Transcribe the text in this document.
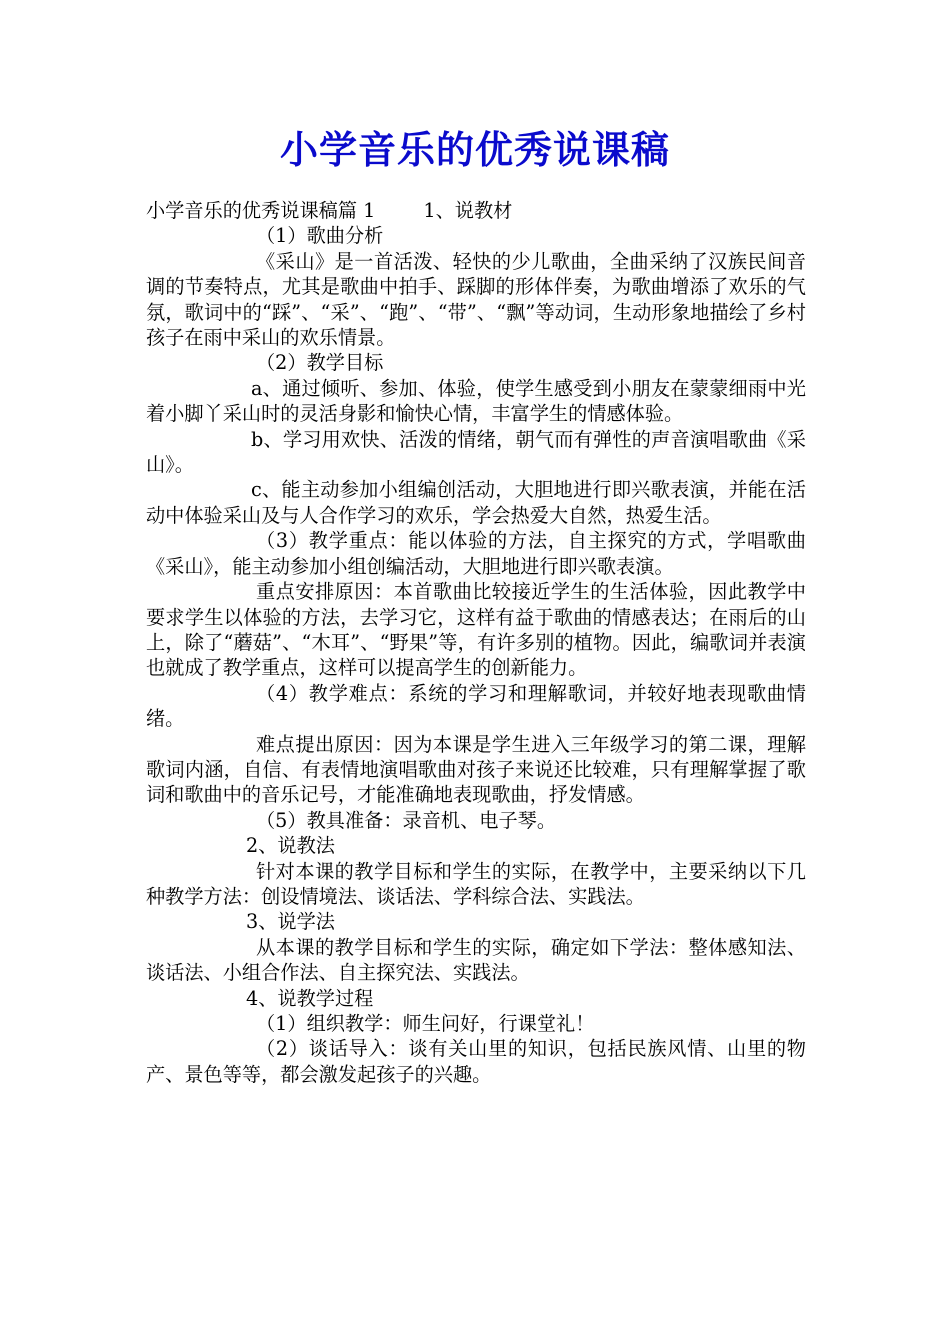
小学音乐的优秀说课稿

小学音乐的优秀说课稿篇 1	1、说教材

（1）歌曲分析

《采山》是一首活泼、轻快的少儿歌曲，全曲采纳了汉族民间音调的节奏特点，尤其是歌曲中拍手、踩脚的形体伴奏，为歌曲增添了欢乐的气氛，歌词中的“踩”、“采”、“跑”、“带”、“飘”等动词，生动形象地描绘了乡村孩子在雨中采山的欢乐情景。

（2）教学目标

a、通过倾听、参加、体验，使学生感受到小朋友在蒙蒙细雨中光着小脚丫采山时的灵活身影和愉快心情，丰富学生的情感体验。

b、学习用欢快、活泼的情绪，朝气而有弹性的声音演唱歌曲《采山》。

c、能主动参加小组编创活动，大胆地进行即兴歌表演，并能在活动中体验采山及与人合作学习的欢乐，学会热爱大自然，热爱生活。

（3）教学重点：能以体验的方法，自主探究的方式，学唱歌曲《采山》，能主动参加小组创编活动，大胆地进行即兴歌表演。

重点安排原因：本首歌曲比较接近学生的生活体验，因此教学中要求学生以体验的方法，去学习它，这样有益于歌曲的情感表达；在雨后的山上，除了“蘑菇”、“木耳”、“野果”等，有许多别的植物。因此，编歌词并表演也就成了教学重点，这样可以提高学生的创新能力。

（4）教学难点：系统的学习和理解歌词，并较好地表现歌曲情绪。

难点提出原因：因为本课是学生进入三年级学习的第二课，理解歌词内涵，自信、有表情地演唱歌曲对孩子来说还比较难，只有理解掌握了歌词和歌曲中的音乐记号，才能准确地表现歌曲，抒发情感。

（5）教具准备：录音机、电子琴。

2、说教法

针对本课的教学目标和学生的实际，在教学中，主要采纳以下几种教学方法：创设情境法、谈话法、学科综合法、实践法。

3、说学法

从本课的教学目标和学生的实际，确定如下学法：整体感知法、谈话法、小组合作法、自主探究法、实践法。

4、说教学过程

（1）组织教学：师生问好，行课堂礼！

（2）谈话导入：谈有关山里的知识，包括民族风情、山里的物产、景色等等，都会激发起孩子的兴趣。
